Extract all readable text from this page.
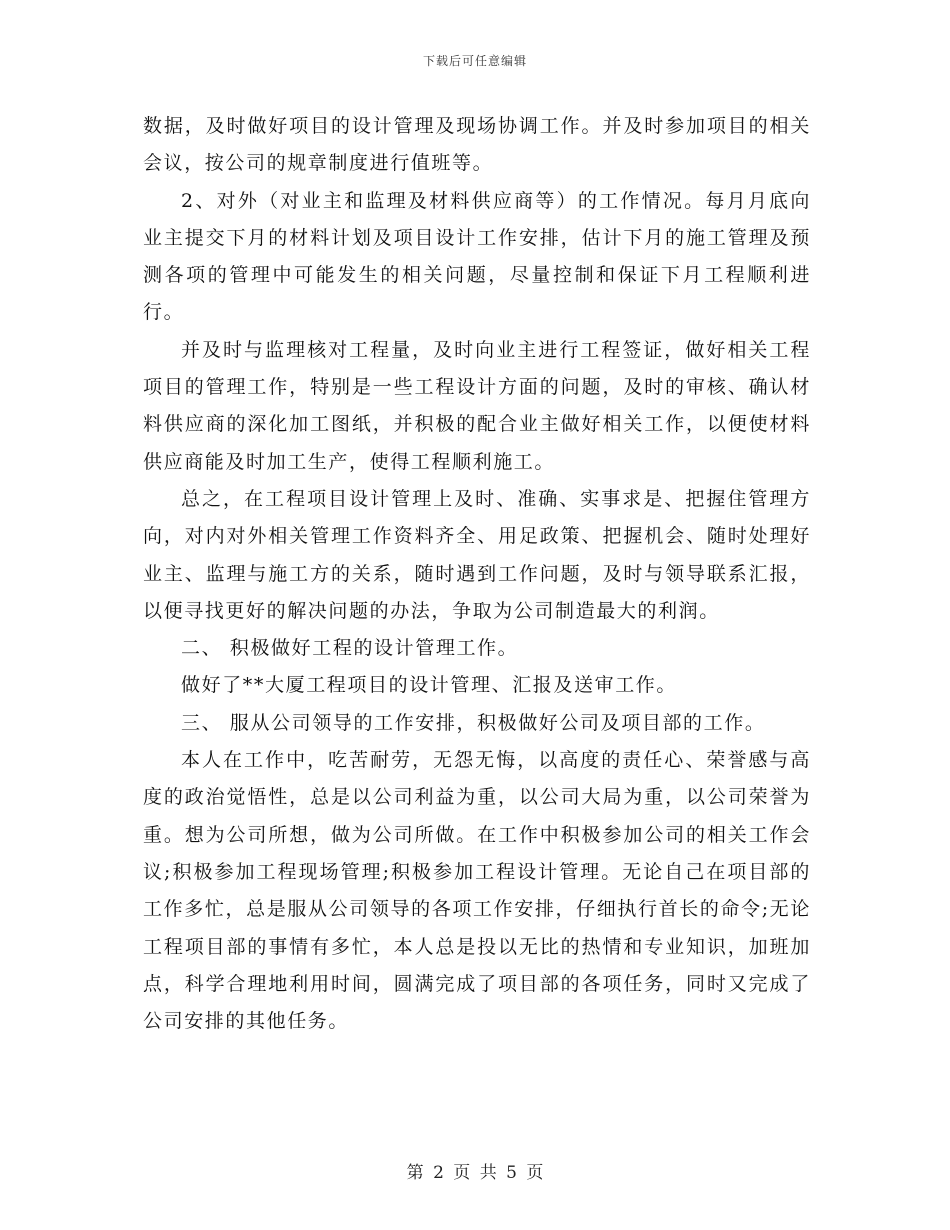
下载后可任意编辑

数据，及时做好项目的设计管理及现场协调工作。并及时参加项目的相关会议，按公司的规章制度进行值班等。

2、对外（对业主和监理及材料供应商等）的工作情况。每月月底向业主提交下月的材料计划及项目设计工作安排，估计下月的施工管理及预测各项的管理中可能发生的相关问题，尽量控制和保证下月工程顺利进行。

并及时与监理核对工程量，及时向业主进行工程签证，做好相关工程项目的管理工作，特别是一些工程设计方面的问题，及时的审核、确认材料供应商的深化加工图纸，并积极的配合业主做好相关工作，以便使材料供应商能及时加工生产，使得工程顺利施工。

总之，在工程项目设计管理上及时、准确、实事求是、把握住管理方向，对内对外相关管理工作资料齐全、用足政策、把握机会、随时处理好业主、监理与施工方的关系，随时遇到工作问题，及时与领导联系汇报，以便寻找更好的解决问题的办法，争取为公司制造最大的利润。

二、 积极做好工程的设计管理工作。

做好了**大厦工程项目的设计管理、汇报及送审工作。

三、 服从公司领导的工作安排，积极做好公司及项目部的工作。

本人在工作中，吃苦耐劳，无怨无悔，以高度的责任心、荣誉感与高度的政治觉悟性，总是以公司利益为重，以公司大局为重，以公司荣誉为重。想为公司所想，做为公司所做。在工作中积极参加公司的相关工作会议;积极参加工程现场管理;积极参加工程设计管理。无论自己在项目部的工作多忙，总是服从公司领导的各项工作安排，仔细执行首长的命令;无论工程项目部的事情有多忙，本人总是投以无比的热情和专业知识，加班加点，科学合理地利用时间，圆满完成了项目部的各项任务，同时又完成了公司安排的其他任务。

第 2 页 共 5 页
